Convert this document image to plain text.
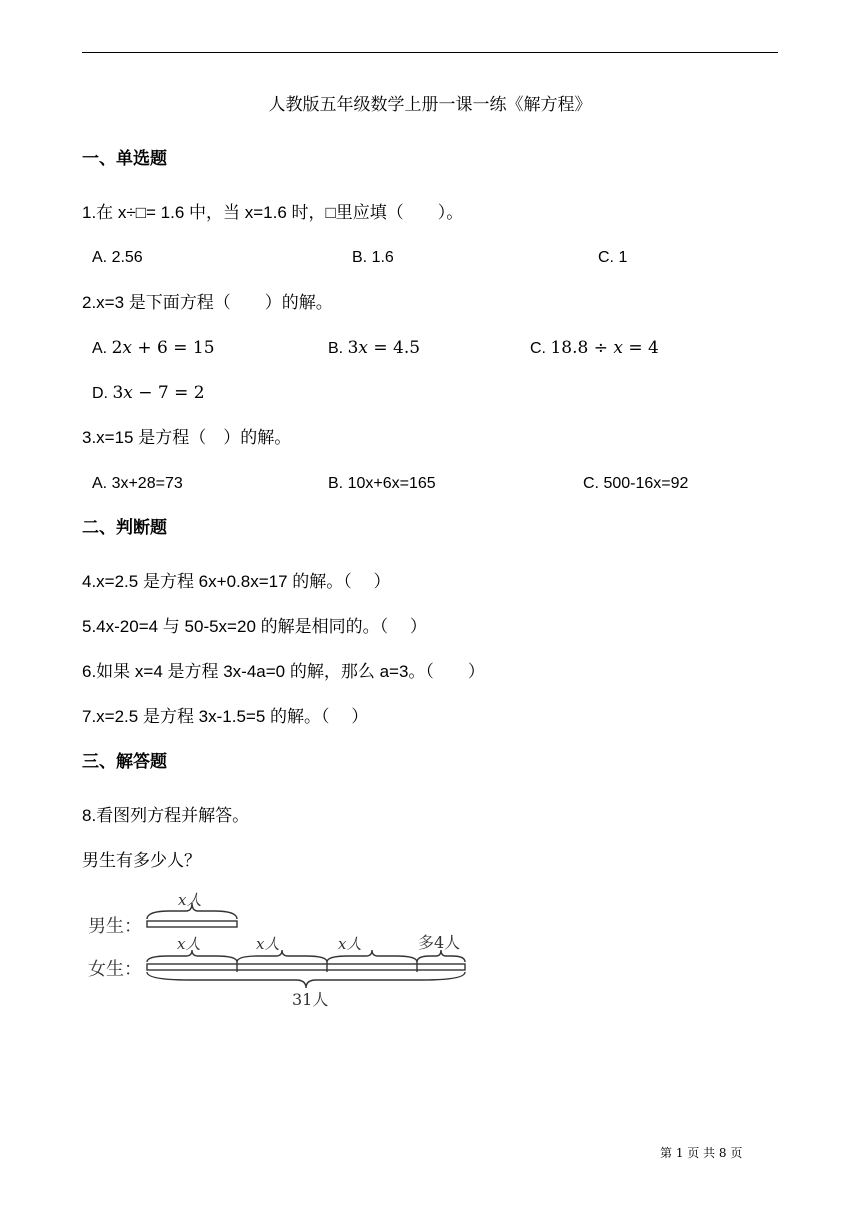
人教版五年级数学上册一课一练《解方程》
一、单选题
1.在 x÷□= 1.6 中，当 x=1.6 时，□里应填（　　）。
A. 2.56	B. 1.6	C. 1
2.x=3 是下面方程（　　）的解。
A. 2𝑥 + 6 = 15	B. 3𝑥 = 4.5	C. 18.8 ÷ 𝑥 = 4
D. 3𝑥 − 7 = 2
3.x=15 是方程（　）的解。
A. 3x+28=73	B. 10x+6x=165	C. 500-16x=92
二、判断题
4.x=2.5 是方程 6x+0.8x=17 的解。（　 ）
5.4x-20=4 与 50-5x=20 的解是相同的。（　 ）
6.如果 x=4 是方程 3x-4a=0 的解，那么 a=3。（　　）
7.x=2.5 是方程 3x-1.5=5 的解。（　 ）
三、解答题
8.看图列方程并解答。
男生有多少人？
男生：
女生：
x人
x人	x人	x人	多4人
31人
第 1 页 共 8 页
